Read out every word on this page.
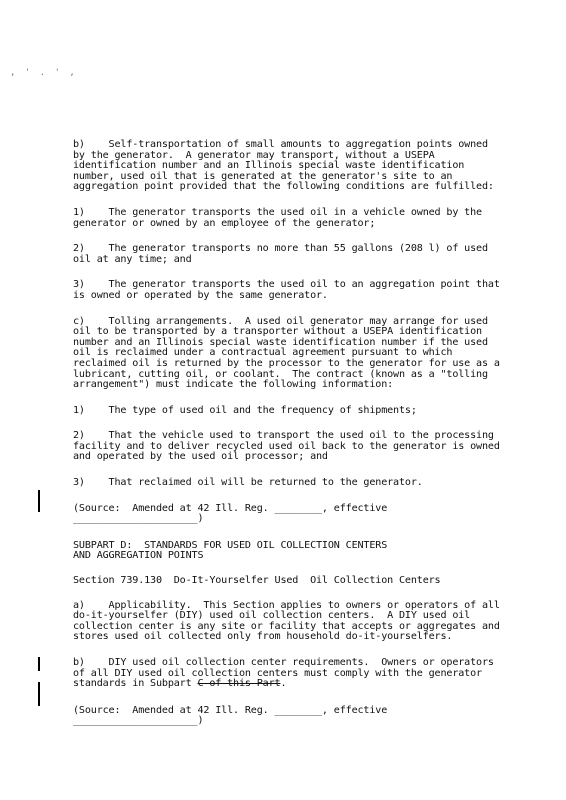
, ' . ' ,
b)    Self-transportation of small amounts to aggregation points owned
by the generator.  A generator may transport, without a USEPA
identification number and an Illinois special waste identification
number, used oil that is generated at the generator's site to an
aggregation point provided that the following conditions are fulfilled:
1)    The generator transports the used oil in a vehicle owned by the
generator or owned by an employee of the generator;
2)    The generator transports no more than 55 gallons (208 l) of used
oil at any time; and
3)    The generator transports the used oil to an aggregation point that
is owned or operated by the same generator.
c)    Tolling arrangements.  A used oil generator may arrange for used
oil to be transported by a transporter without a USEPA identification
number and an Illinois special waste identification number if the used
oil is reclaimed under a contractual agreement pursuant to which
reclaimed oil is returned by the processor to the generator for use as a
lubricant, cutting oil, or coolant.  The contract (known as a "tolling
arrangement") must indicate the following information:
1)    The type of used oil and the frequency of shipments;
2)    That the vehicle used to transport the used oil to the processing
facility and to deliver recycled used oil back to the generator is owned
and operated by the used oil processor; and
3)    That reclaimed oil will be returned to the generator.
(Source:  Amended at 42 Ill. Reg. ________, effective
_____________________)
SUBPART D:  STANDARDS FOR USED OIL COLLECTION CENTERS
AND AGGREGATION POINTS
Section 739.130  Do-It-Yourselfer Used  Oil Collection Centers
a)    Applicability.  This Section applies to owners or operators of all
do-it-yourselfer (DIY) used oil collection centers.  A DIY used oil
collection center is any site or facility that accepts or aggregates and
stores used oil collected only from household do-it-yourselfers.
b)    DIY used oil collection center requirements.  Owners or operators
of all DIY used oil collection centers must comply with the generator
standards in Subpart C of this Part.
(Source:  Amended at 42 Ill. Reg. ________, effective
_____________________)
